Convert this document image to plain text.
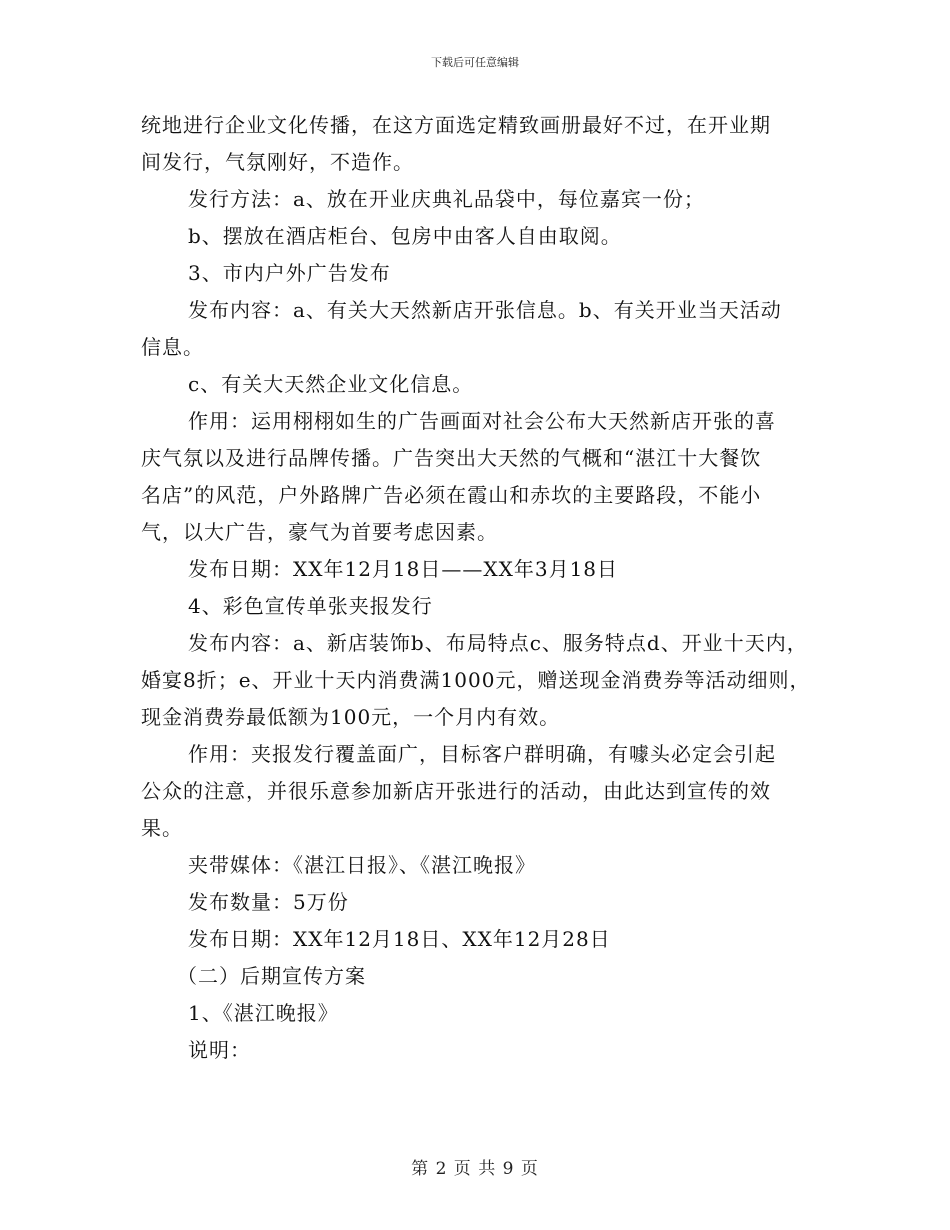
下载后可任意编辑
统地进行企业文化传播，在这方面选定精致画册最好不过，在开业期
间发行，气氛刚好，不造作。
发行方法：a、放在开业庆典礼品袋中，每位嘉宾一份；
b、摆放在酒店柜台、包房中由客人自由取阅。
3、市内户外广告发布
发布内容：a、有关大天然新店开张信息。b、有关开业当天活动
信息。
c、有关大天然企业文化信息。
作用：运用栩栩如生的广告画面对社会公布大天然新店开张的喜
庆气氛以及进行品牌传播。广告突出大天然的气概和“湛江十大餐饮
名店”的风范，户外路牌广告必须在霞山和赤坎的主要路段，不能小
气，以大广告，豪气为首要考虑因素。
发布日期：XX年12月18日——XX年3月18日
4、彩色宣传单张夹报发行
发布内容：a、新店装饰b、布局特点c、服务特点d、开业十天内，
婚宴8折；e、开业十天内消费满1000元，赠送现金消费券等活动细则，
现金消费券最低额为100元，一个月内有效。
作用：夹报发行覆盖面广，目标客户群明确，有噱头必定会引起
公众的注意，并很乐意参加新店开张进行的活动，由此达到宣传的效
果。
夹带媒体：《湛江日报》、《湛江晚报》
发布数量：5万份
发布日期：XX年12月18日、XX年12月28日
（二）后期宣传方案
1、《湛江晚报》
说明：
第 2 页 共 9 页
